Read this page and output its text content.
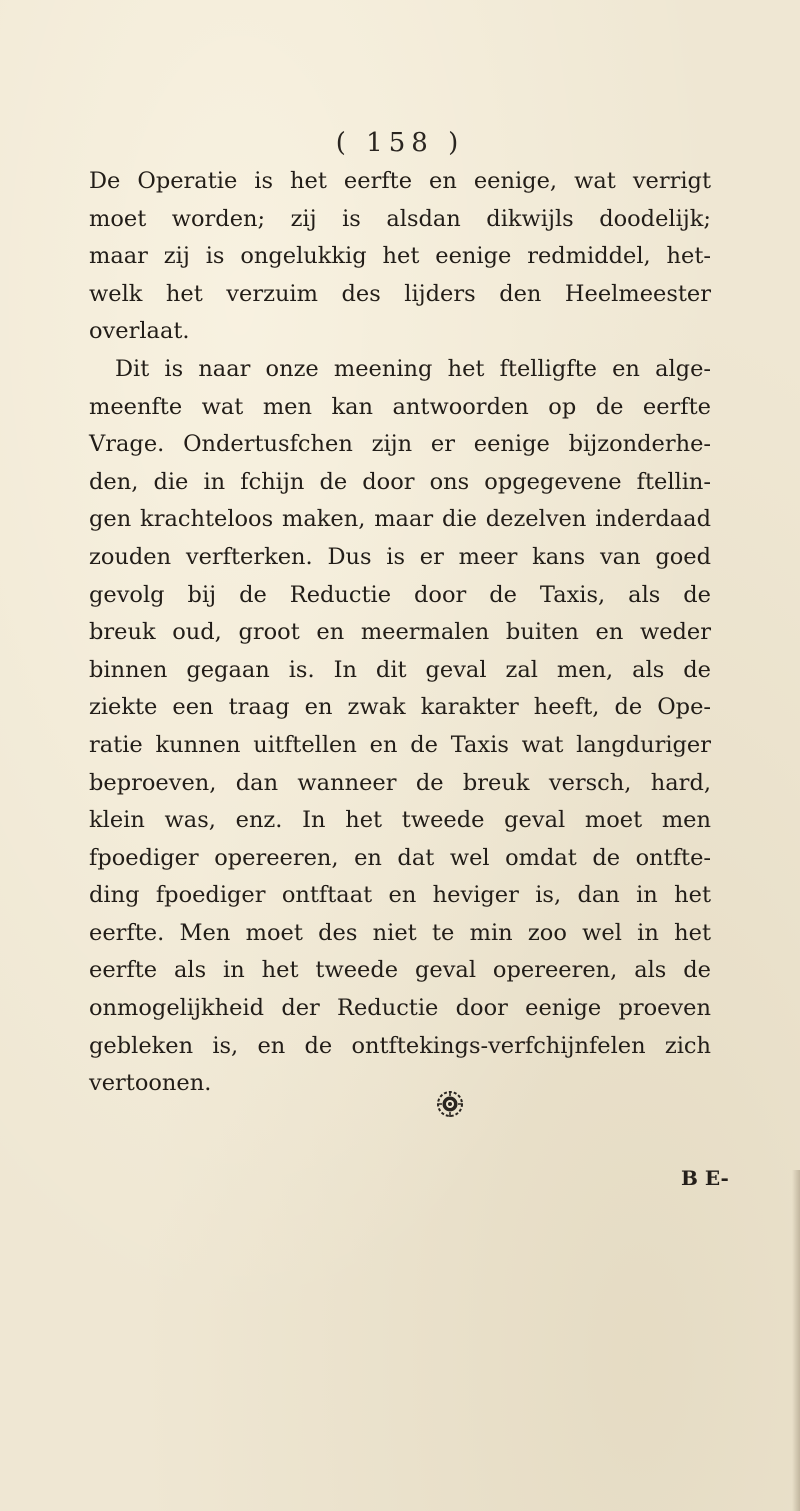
( 158 )
De Operatie is het eerfte en eenige, wat verrigt
moet worden; zij is alsdan dikwijls doodelijk;
maar zij is ongelukkig het eenige redmiddel, het-
welk het verzuim des lijders den Heelmeester
overlaat.
Dit is naar onze meening het ftelligfte en alge-
meenfte wat men kan antwoorden op de eerfte
Vrage. Ondertusfchen zijn er eenige bijzonderhe-
den, die in fchijn de door ons opgegevene ftellin-
gen krachteloos maken, maar die dezelven inderdaad
zouden verfterken. Dus is er meer kans van goed
gevolg bij de Reductie door de Taxis, als de
breuk oud, groot en meermalen buiten en weder
binnen gegaan is. In dit geval zal men, als de
ziekte een traag en zwak karakter heeft, de Ope-
ratie kunnen uitftellen en de Taxis wat langduriger
beproeven, dan wanneer de breuk versch, hard,
klein was, enz. In het tweede geval moet men
fpoediger opereeren, en dat wel omdat de ontfte-
ding fpoediger ontftaat en heviger is, dan in het
eerfte. Men moet des niet te min zoo wel in het
eerfte als in het tweede geval opereeren, als de
onmogelijkheid der Reductie door eenige proeven
gebleken is, en de ontftekings-verfchijnfelen zich
vertoonen.
B E-
